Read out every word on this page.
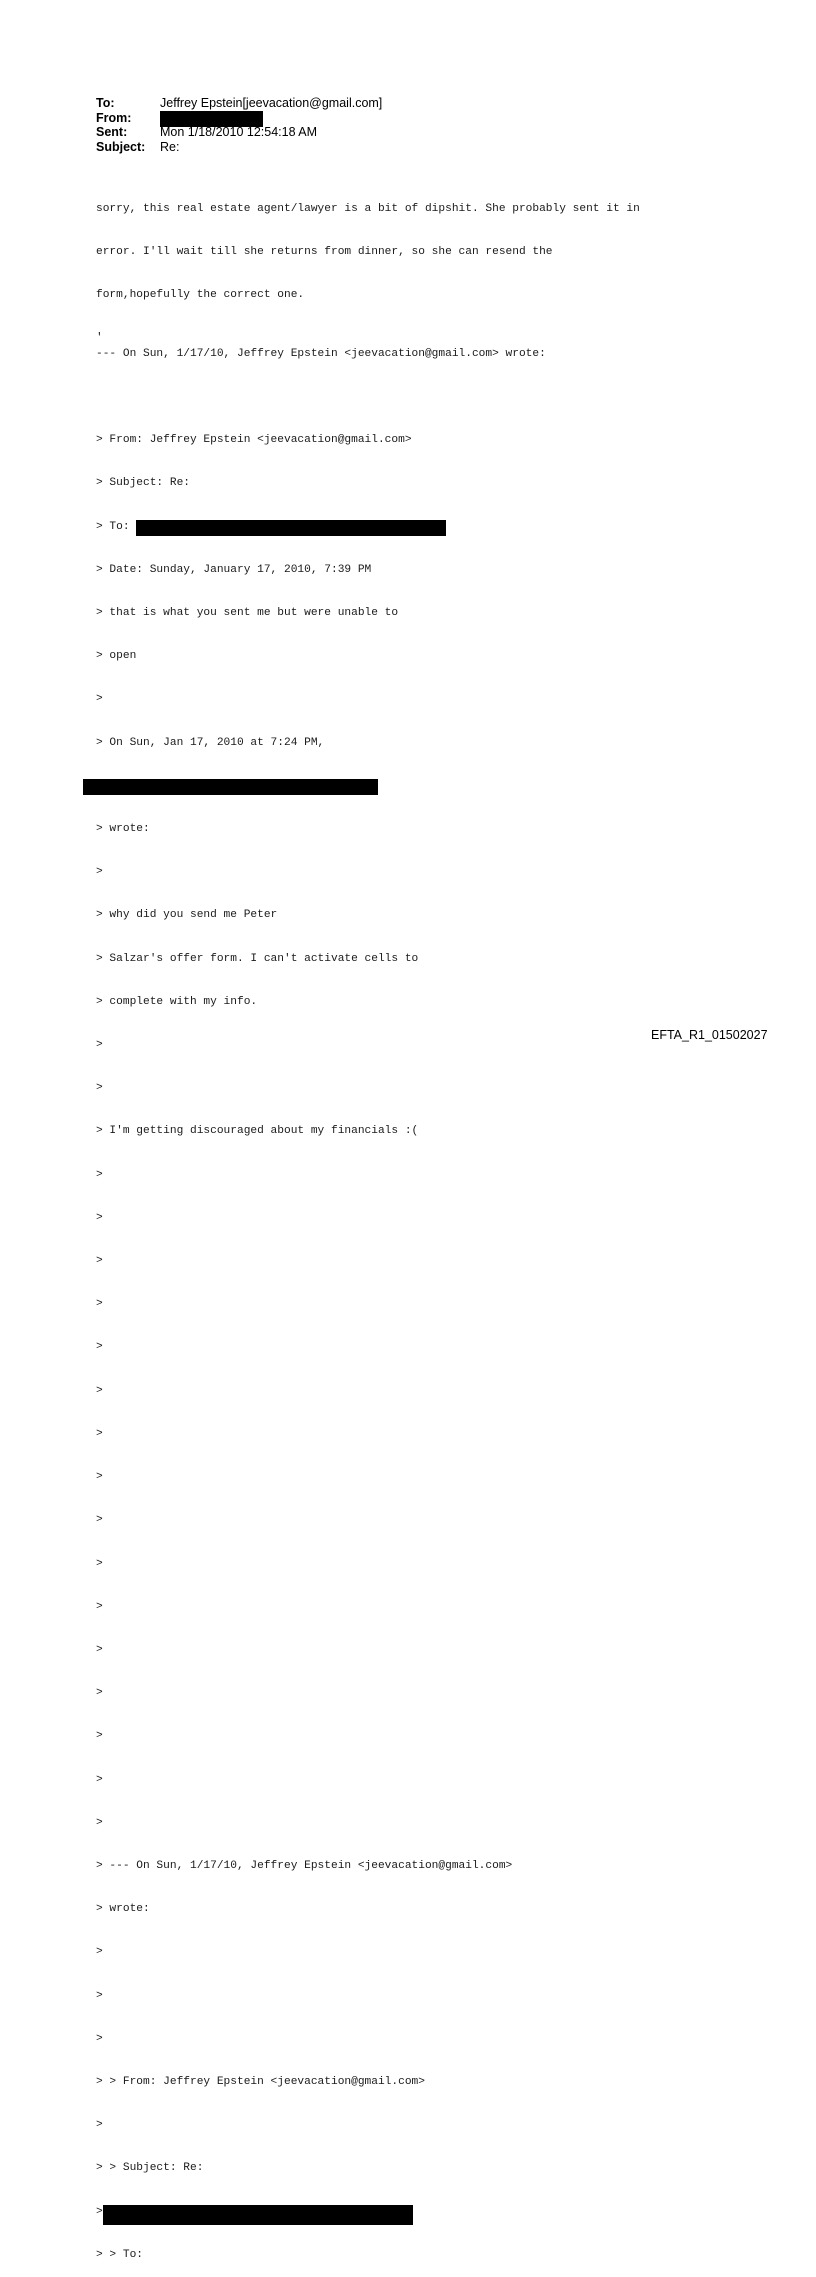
To:	Jeffrey Epstein[jeevacation@gmail.com]
From:
Sent:	Mon 1/18/2010 12:54:18 AM
Subject:	Re:

sorry, this real estate agent/lawyer is a bit of dipshit. She probably sent it in

error. I'll wait till she returns from dinner, so she can resend the

form,hopefully the correct one.

'

--- On Sun, 1/17/10, Jeffrey Epstein <jeevacation@gmail.com> wrote:

> From: Jeffrey Epstein <jeevacation@gmail.com>

> Subject: Re:

> To:

> Date: Sunday, January 17, 2010, 7:39 PM

> that is what you sent me but were unable to

> open

>

> On Sun, Jan 17, 2010 at 7:24 PM,

> wrote:

>

> why did you send me Peter

> Salzar's offer form. I can't activate cells to

> complete with my info.

>

>

> I'm getting discouraged about my financials :(

>

>

>

>

>

>

>

>

>

>

>

>

>

>

>

>

> --- On Sun, 1/17/10, Jeffrey Epstein <jeevacation@gmail.com>

> wrote:

>

>

>

> > From: Jeffrey Epstein <jeevacation@gmail.com>

>

> > Subject: Re:

>

> > To:

EFTA_R1_01502027
